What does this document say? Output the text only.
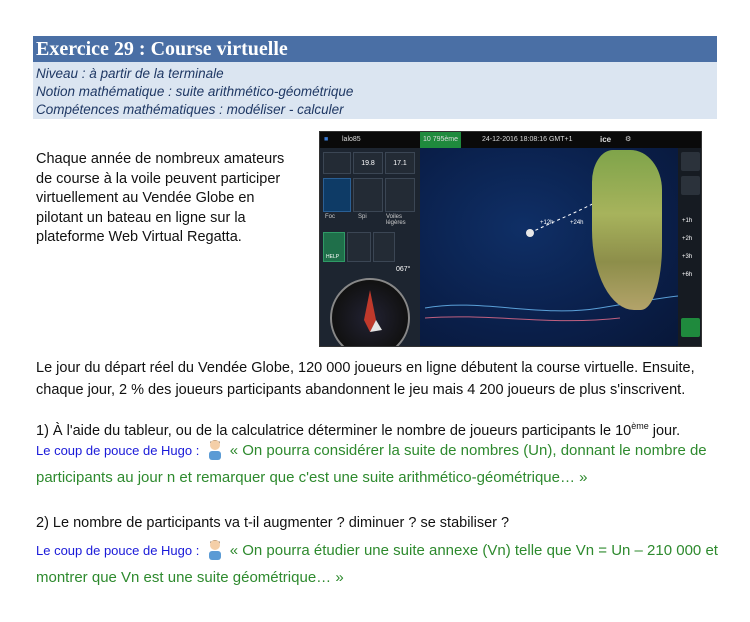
Exercice 29 : Course virtuelle
Niveau : à partir de la terminale
Notion mathématique : suite arithmético-géométrique
Compétences mathématiques : modéliser - calculer
Chaque année de nombreux amateurs de course à la voile peuvent participer virtuellement au Vendée Globe en pilotant un bateau en ligne sur la plateforme Web Virtual Regatta.
■ lalo85	10 795ème	24-12-2016 18:08:16 GMT+1	ice ⚙
19.8	17.1
Foc	Spi	Voiles légères
HELP
067°
+12h	+24h	+1h
+2h
+3h
+6h
Le jour du départ réel du Vendée Globe, 120 000 joueurs en ligne débutent la course virtuelle. Ensuite, chaque jour, 2 % des joueurs participants abandonnent le jeu mais 4 200 joueurs de plus s'inscrivent.
1) À l'aide du tableur, ou de la calculatrice déterminer le nombre de joueurs participants le 10ème jour.
Le coup de pouce de Hugo : « On pourra considérer la suite de nombres (Un), donnant le nombre de participants au jour n et remarquer que c'est une suite arithmético-géométrique… »
2) Le nombre de participants va t-il augmenter ? diminuer ? se stabiliser ?
Le coup de pouce de Hugo : « On pourra étudier une suite annexe (Vn) telle que Vn = Un – 210 000 et montrer que Vn est une suite géométrique… »
